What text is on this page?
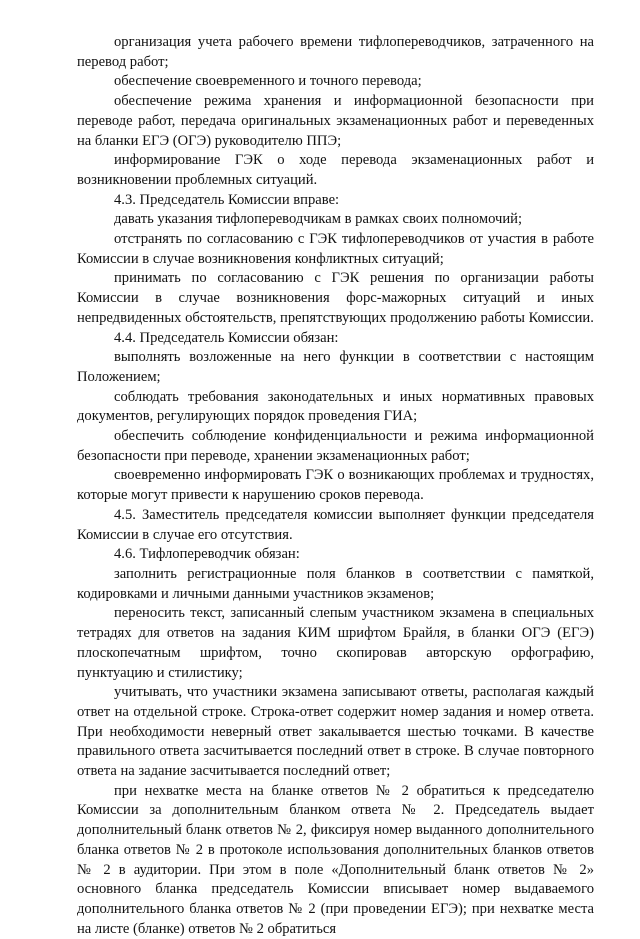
организация учета рабочего времени тифлопереводчиков, затраченного на перевод работ;

обеспечение своевременного и точного перевода;

обеспечение режима хранения и информационной безопасности при переводе работ, передача оригинальных экзаменационных работ и переведенных на бланки ЕГЭ (ОГЭ) руководителю ППЭ;

информирование ГЭК о ходе перевода экзаменационных работ и возникновении проблемных ситуаций.

4.3. Председатель Комиссии вправе:

давать указания тифлопереводчикам в рамках своих полномочий;

отстранять по согласованию с ГЭК тифлопереводчиков от участия в работе Комиссии в случае возникновения конфликтных ситуаций;

принимать по согласованию с ГЭК решения по организации работы Комиссии в случае возникновения форс-мажорных ситуаций и иных непредвиденных обстоятельств, препятствующих продолжению работы Комиссии.

4.4. Председатель Комиссии обязан:

выполнять возложенные на него функции в соответствии с настоящим Положением;

соблюдать требования законодательных и иных нормативных правовых документов, регулирующих порядок проведения ГИА;

обеспечить соблюдение конфиденциальности и режима информационной безопасности при переводе, хранении экзаменационных работ;

своевременно информировать ГЭК о возникающих проблемах и трудностях, которые могут привести к нарушению сроков перевода.

4.5. Заместитель председателя комиссии выполняет функции председателя Комиссии в случае его отсутствия.

4.6. Тифлопереводчик обязан:

заполнить регистрационные поля бланков в соответствии с памяткой, кодировками и личными данными участников экзаменов;

переносить текст, записанный слепым участником экзамена в специальных тетрадях для ответов на задания КИМ шрифтом Брайля, в бланки ОГЭ (ЕГЭ) плоскопечатным шрифтом, точно скопировав авторскую орфографию, пунктуацию и стилистику;

учитывать, что участники экзамена записывают ответы, располагая каждый ответ на отдельной строке. Строка-ответ содержит номер задания и номер ответа. При необходимости неверный ответ закалывается шестью точками. В качестве правильного ответа засчитывается последний ответ в строке. В случае повторного ответа на задание засчитывается последний ответ;

при нехватке места на бланке ответов № 2 обратиться к председателю Комиссии за дополнительным бланком ответа № 2. Председатель выдает дополнительный бланк ответов № 2, фиксируя номер выданного дополнительного бланка ответов № 2 в протоколе использования дополнительных бланков ответов № 2 в аудитории. При этом в поле «Дополнительный бланк ответов № 2» основного бланка председатель Комиссии вписывает номер выдаваемого дополнительного бланка ответов № 2 (при проведении ЕГЭ); при нехватке места на листе (бланке) ответов № 2 обратиться
